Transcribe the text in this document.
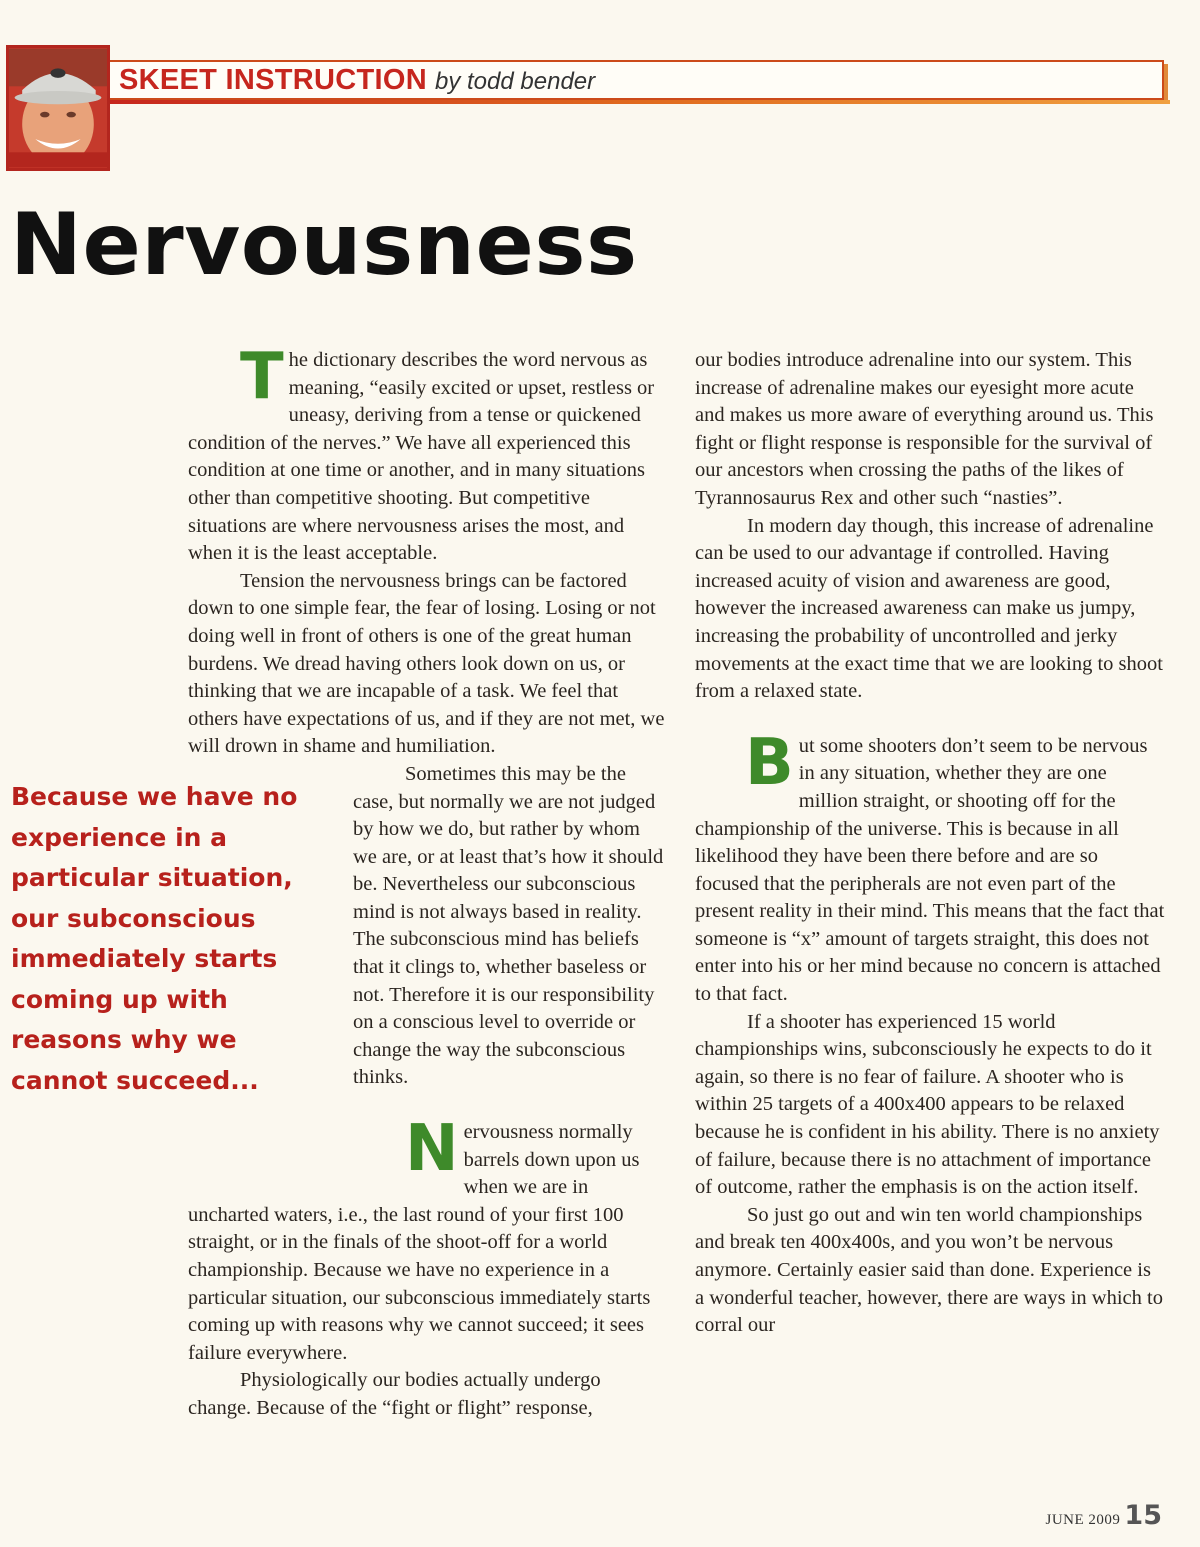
SKEET INSTRUCTION by todd bender
Nervousness

The dictionary describes the word nervous as meaning, “easily excited or upset, restless or uneasy, deriving from a tense or quickened condition of the nerves.” We have all experienced this condition at one time or another, and in many situations other than competitive shooting. But competitive situations are where nervousness arises the most, and when it is the least acceptable.

Tension the nervousness brings can be factored down to one simple fear, the fear of losing. Losing or not doing well in front of others is one of the great human burdens. We dread having others look down on us, or thinking that we are incapable of a task. We feel that others have expectations of us, and if they are not met, we will drown in shame and humiliation.

Sometimes this may be the case, but normally we are not judged by how we do, but rather by whom we are, or at least that’s how it should be. Nevertheless our subconscious mind is not always based in reality. The subconscious mind has beliefs that it clings to, whether baseless or not. Therefore it is our responsibility on a conscious level to override or change the way the subconscious thinks.

Nervousness normally barrels down upon us when we are in uncharted waters, i.e., the last round of your first 100 straight, or in the finals of the shoot-off for a world championship. Because we have no experience in a particular situation, our subconscious immediately starts coming up with reasons why we cannot succeed; it sees failure everywhere.

Physiologically our bodies actually undergo change. Because of the “fight or flight” response,

our bodies introduce adrenaline into our system. This increase of adrenaline makes our eyesight more acute and makes us more aware of everything around us. This fight or flight response is responsible for the survival of our ancestors when crossing the paths of the likes of Tyrannosaurus Rex and other such “nasties”.

In modern day though, this increase of adrenaline can be used to our advantage if controlled. Having increased acuity of vision and awareness are good, however the increased awareness can make us jumpy, increasing the probability of uncontrolled and jerky movements at the exact time that we are looking to shoot from a relaxed state.

But some shooters don’t seem to be nervous in any situation, whether they are one million straight, or shooting off for the championship of the universe. This is because in all likelihood they have been there before and are so focused that the peripherals are not even part of the present reality in their mind. This means that the fact that someone is “x” amount of targets straight, this does not enter into his or her mind because no concern is attached to that fact.

If a shooter has experienced 15 world championships wins, subconsciously he expects to do it again, so there is no fear of failure. A shooter who is within 25 targets of a 400x400 appears to be relaxed because he is confident in his ability. There is no anxiety of failure, because there is no attachment of importance of outcome, rather the emphasis is on the action itself.

So just go out and win ten world championships and break ten 400x400s, and you won’t be nervous anymore. Certainly easier said than done. Experience is a wonderful teacher, however, there are ways in which to corral our

Because we have no experience in a particular situation, our subconscious immediately starts coming up with reasons why we cannot succeed...

JUNE 2009 15
